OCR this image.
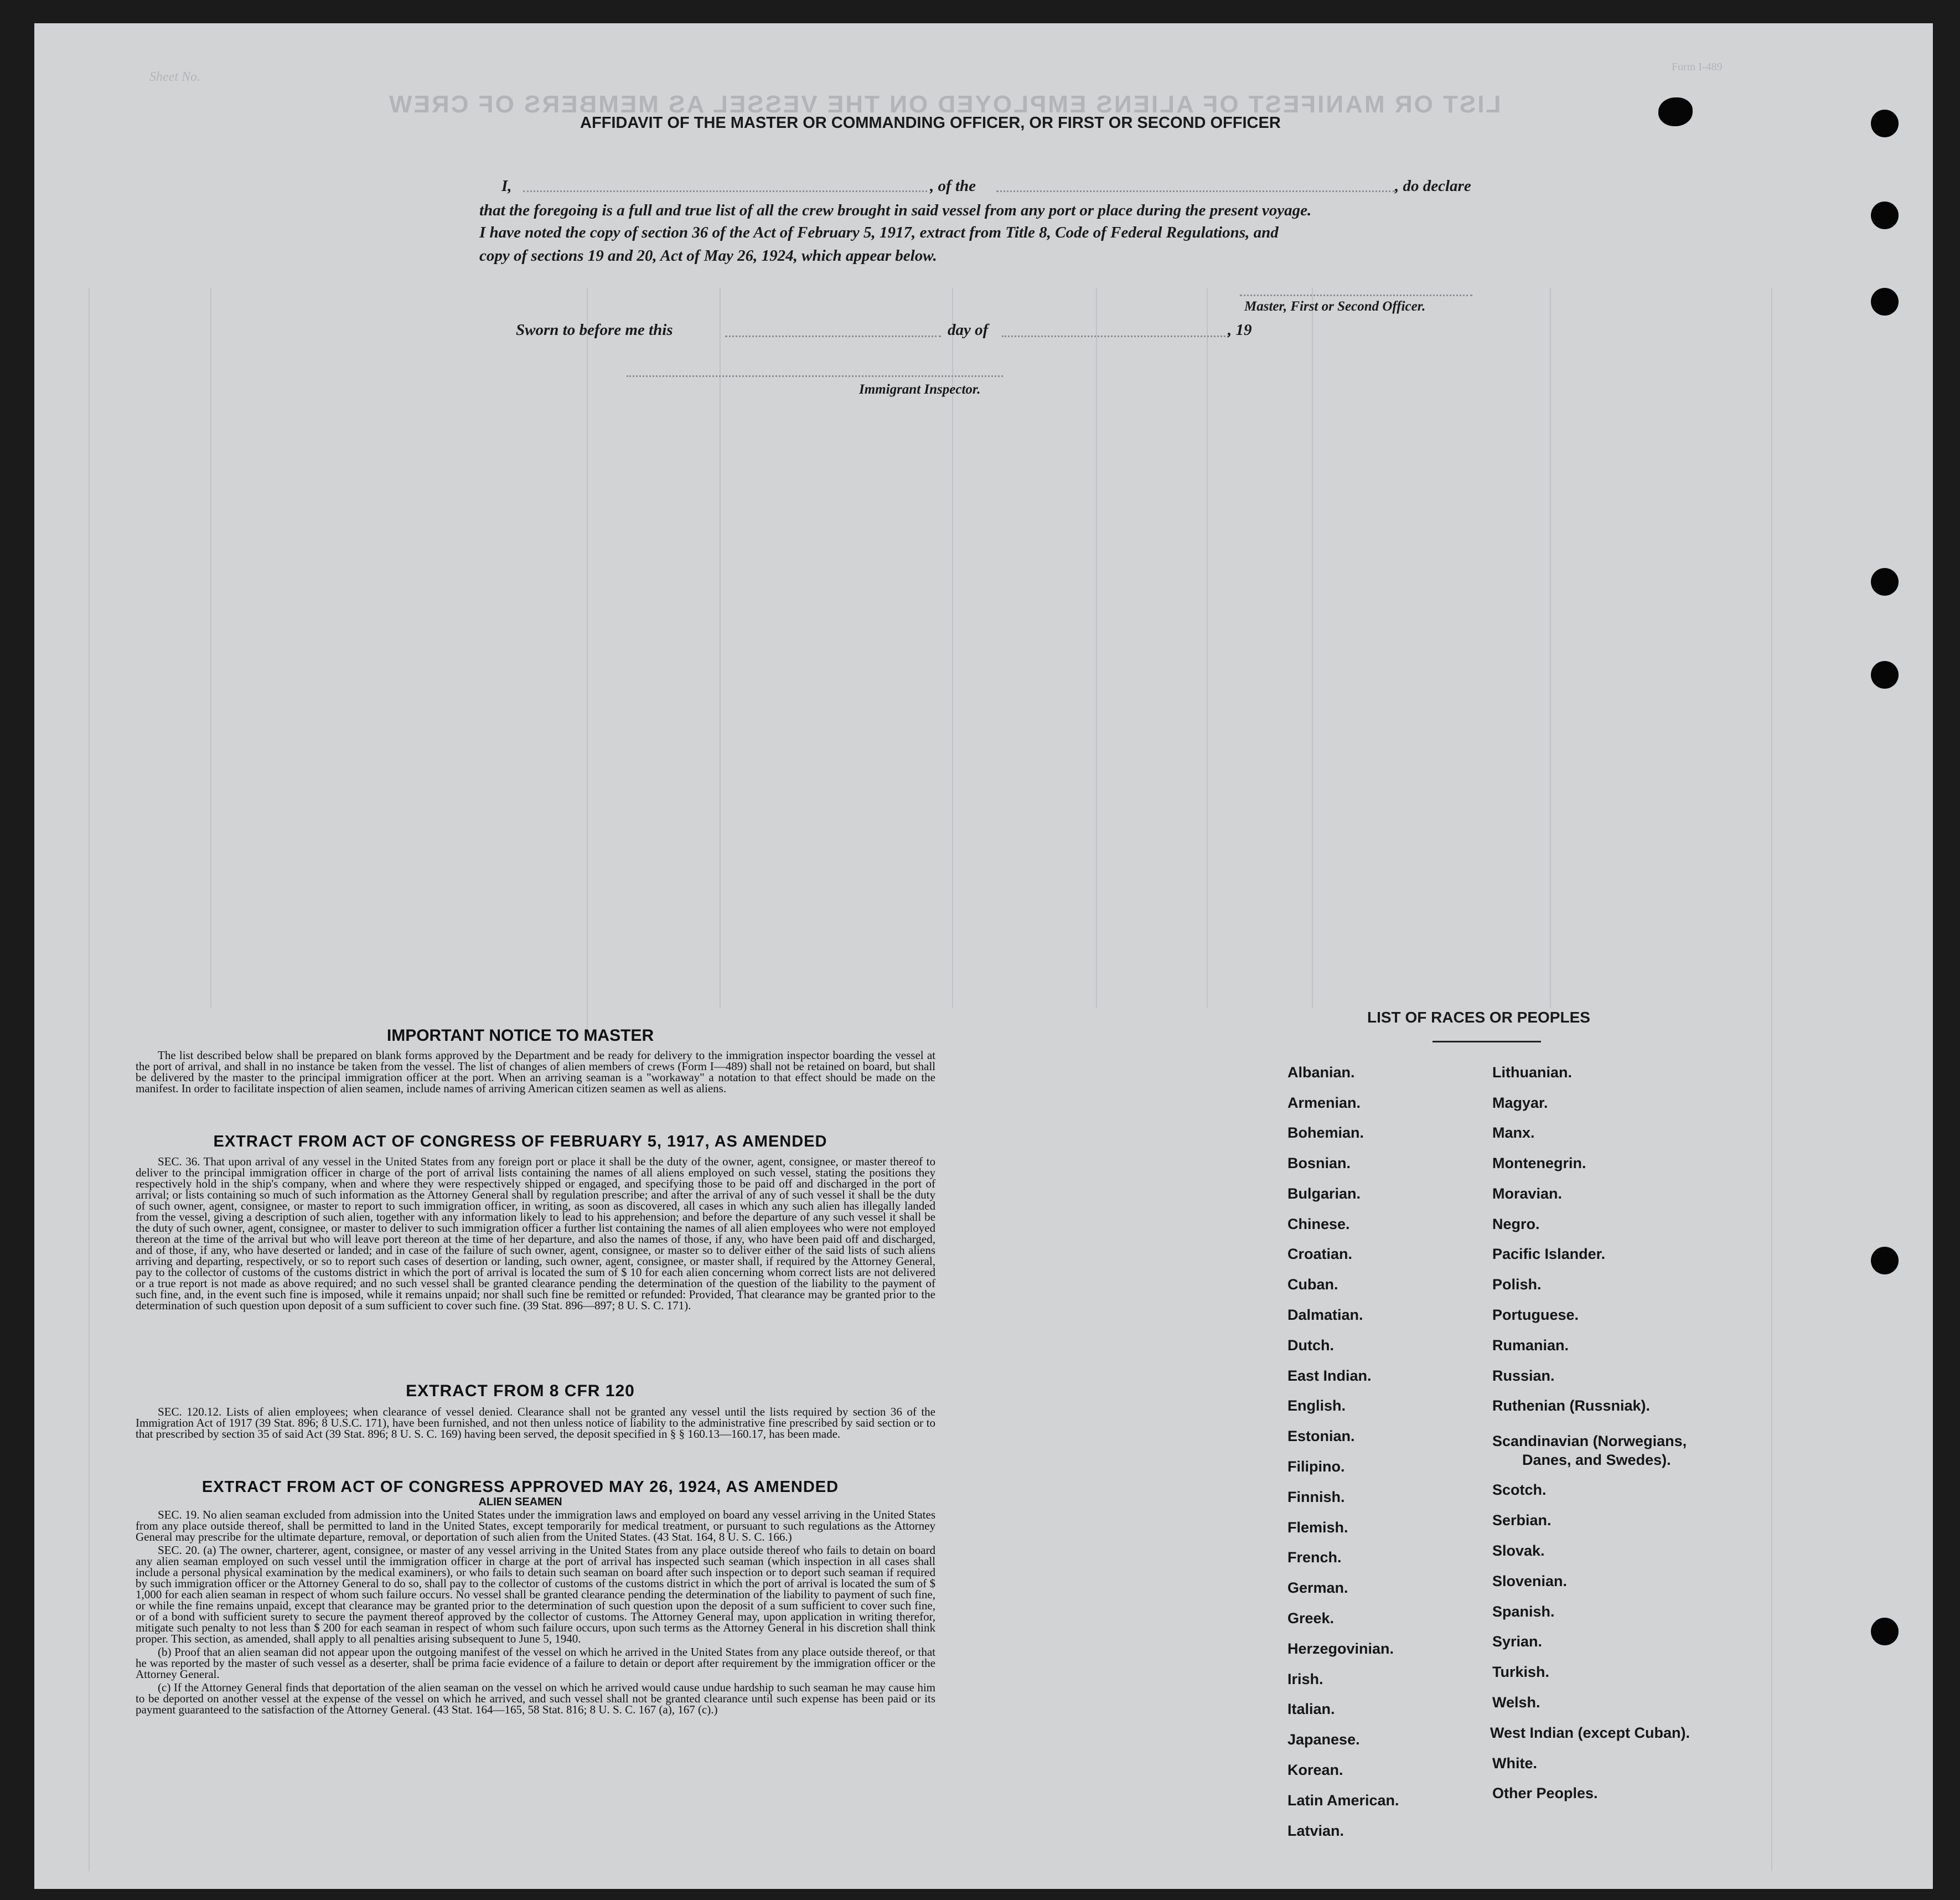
LIST OR MANIFEST OF ALIENS EMPLOYED ON THE VESSEL AS MEMBERS OF CREW
Sheet No.
Form I-489
AFFIDAVIT OF THE MASTER OR COMMANDING OFFICER, OR FIRST OR SECOND OFFICER
I,	, of the	, do declare
that the foregoing is a full and true list of all the crew brought in said vessel from any port or place during the present voyage.
I have noted the copy of section 36 of the Act of February 5, 1917, extract from Title 8, Code of Federal Regulations, and
copy of sections 19 and 20, Act of May 26, 1924, which appear below.
Master, First or Second Officer.
Sworn to before me this	day of	, 19
Immigrant Inspector.
IMPORTANT NOTICE TO MASTER

The list described below shall be prepared on blank forms approved by the Department and be ready for delivery to the immigration inspector boarding the vessel at the port of arrival, and shall in no instance be taken from the vessel. The list of changes of alien members of crews (Form I—489) shall not be retained on board, but shall be delivered by the master to the principal immigration officer at the port. When an arriving seaman is a "workaway" a notation to that effect should be made on the manifest. In order to facilitate inspection of alien seamen, include names of arriving American citizen seamen as well as aliens.

EXTRACT FROM ACT OF CONGRESS OF FEBRUARY 5, 1917, AS AMENDED

SEC. 36. That upon arrival of any vessel in the United States from any foreign port or place it shall be the duty of the owner, agent, consignee, or master thereof to deliver to the principal immigration officer in charge of the port of arrival lists containing the names of all aliens employed on such vessel, stating the positions they respectively hold in the ship's company, when and where they were respectively shipped or engaged, and specifying those to be paid off and discharged in the port of arrival; or lists containing so much of such information as the Attorney General shall by regulation prescribe; and after the arrival of any of such vessel it shall be the duty of such owner, agent, consignee, or master to report to such immigration officer, in writing, as soon as discovered, all cases in which any such alien has illegally landed from the vessel, giving a description of such alien, together with any information likely to lead to his apprehension; and before the departure of any such vessel it shall be the duty of such owner, agent, consignee, or master to deliver to such immigration officer a further list containing the names of all alien employees who were not employed thereon at the time of the arrival but who will leave port thereon at the time of her departure, and also the names of those, if any, who have been paid off and discharged, and of those, if any, who have deserted or landed; and in case of the failure of such owner, agent, consignee, or master so to deliver either of the said lists of such aliens arriving and departing, respectively, or so to report such cases of desertion or landing, such owner, agent, consignee, or master shall, if required by the Attorney General, pay to the collector of customs of the customs district in which the port of arrival is located the sum of $ 10 for each alien concerning whom correct lists are not delivered or a true report is not made as above required; and no such vessel shall be granted clearance pending the determination of the question of the liability to the payment of such fine, and, in the event such fine is imposed, while it remains unpaid; nor shall such fine be remitted or refunded: Provided, That clearance may be granted prior to the determination of such question upon deposit of a sum sufficient to cover such fine. (39 Stat. 896—897; 8 U. S. C. 171).

EXTRACT FROM 8 CFR 120

SEC. 120.12. Lists of alien employees; when clearance of vessel denied. Clearance shall not be granted any vessel until the lists required by section 36 of the Immigration Act of 1917 (39 Stat. 896; 8 U.S.C. 171), have been furnished, and not then unless notice of liability to the administrative fine prescribed by said section or to that prescribed by section 35 of said Act (39 Stat. 896; 8 U. S. C. 169) having been served, the deposit specified in § § 160.13—160.17, has been made.

EXTRACT FROM ACT OF CONGRESS APPROVED MAY 26, 1924, AS AMENDED
ALIEN SEAMEN

SEC. 19. No alien seaman excluded from admission into the United States under the immigration laws and employed on board any vessel arriving in the United States from any place outside thereof, shall be permitted to land in the United States, except temporarily for medical treatment, or pursuant to such regulations as the Attorney General may prescribe for the ultimate departure, removal, or deportation of such alien from the United States. (43 Stat. 164, 8 U. S. C. 166.)

SEC. 20. (a) The owner, charterer, agent, consignee, or master of any vessel arriving in the United States from any place outside thereof who fails to detain on board any alien seaman employed on such vessel until the immigration officer in charge at the port of arrival has inspected such seaman (which inspection in all cases shall include a personal physical examination by the medical examiners), or who fails to detain such seaman on board after such inspection or to deport such seaman if required by such immigration officer or the Attorney General to do so, shall pay to the collector of customs of the customs district in which the port of arrival is located the sum of $ 1,000 for each alien seaman in respect of whom such failure occurs. No vessel shall be granted clearance pending the determination of the liability to payment of such fine, or while the fine remains unpaid, except that clearance may be granted prior to the determination of such question upon the deposit of a sum sufficient to cover such fine, or of a bond with sufficient surety to secure the payment thereof approved by the collector of customs. The Attorney General may, upon application in writing therefor, mitigate such penalty to not less than $ 200 for each seaman in respect of whom such failure occurs, upon such terms as the Attorney General in his discretion shall think proper. This section, as amended, shall apply to all penalties arising subsequent to June 5, 1940.

(b) Proof that an alien seaman did not appear upon the outgoing manifest of the vessel on which he arrived in the United States from any place outside thereof, or that he was reported by the master of such vessel as a deserter, shall be prima facie evidence of a failure to detain or deport after requirement by the immigration officer or the Attorney General.

(c) If the Attorney General finds that deportation of the alien seaman on the vessel on which he arrived would cause undue hardship to such seaman he may cause him to be deported on another vessel at the expense of the vessel on which he arrived, and such vessel shall not be granted clearance until such expense has been paid or its payment guaranteed to the satisfaction of the Attorney General. (43 Stat. 164—165, 58 Stat. 816; 8 U. S. C. 167 (a), 167 (c).)

LIST OF RACES OR PEOPLES
Albanian.
Armenian.
Bohemian.
Bosnian.
Bulgarian.
Chinese.
Croatian.
Cuban.
Dalmatian.
Dutch.
East Indian.
English.
Estonian.
Filipino.
Finnish.
Flemish.
French.
German.
Greek.
Herzegovinian.
Irish.
Italian.
Japanese.
Korean.
Latin American.
Latvian.
Lithuanian.
Magyar.
Manx.
Montenegrin.
Moravian.
Negro.
Pacific Islander.
Polish.
Portuguese.
Rumanian.
Russian.
Ruthenian (Russniak).
Scandinavian (Norwegians,
Danes, and Swedes).
Scotch.
Serbian.
Slovak.
Slovenian.
Spanish.
Syrian.
Turkish.
Welsh.
West Indian (except Cuban).
White.
Other Peoples.
